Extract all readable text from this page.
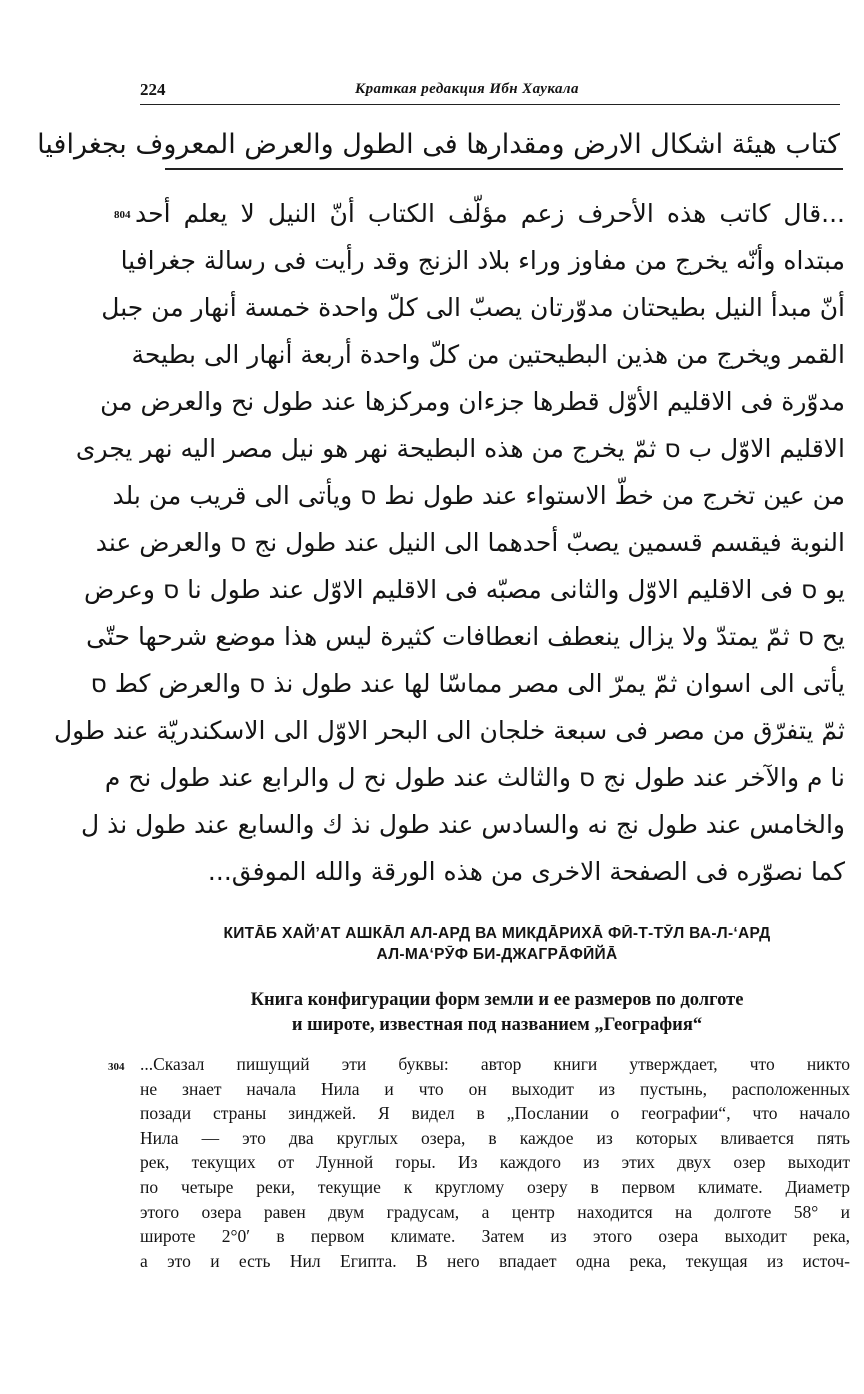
224	Краткая редакция Ибн Хаукала
كتاب هيئة اشكال الارض ومقدارها فى الطول والعرض المعروف بجغرافيا
804 ...قال كاتب هذه الأحرف زعم مؤلّف الكتاب أنّ النيل لا يعلم أحد
مبتداه وأنّه يخرج من مفاوز وراء بلاد الزنج وقد رأيت فى رسالة جغرافيا
أنّ مبدأ النيل بطيحتان مدوّرتان يصبّ الى كلّ واحدة خمسة أنهار من جبل
القمر ويخرج من هذين البطيحتين من كلّ واحدة أربعة أنهار الى بطيحة
مدوّرة فى الاقليم الأوّل قطرها جزءان ومركزها عند طول نح والعرض من
الاقليم الاوّل ب ס ثمّ يخرج من هذه البطيحة نهر هو نيل مصر اليه نهر يجرى
من عين تخرج من خطّ الاستواء عند طول نط ס ويأتى الى قريب من بلد
النوبة فيقسم قسمين يصبّ أحدهما الى النيل عند طول نج ס والعرض عند
يو ס فى الاقليم الاوّل والثانى مصبّه فى الاقليم الاوّل عند طول نا ס وعرض
يح ס ثمّ يمتدّ ولا يزال ينعطف انعطافات كثيرة ليس هذا موضع شرحها حتّى
يأتى الى اسوان ثمّ يمرّ الى مصر مماسّا لها عند طول نذ ס والعرض كط ס
ثمّ يتفرّق من مصر فى سبعة خلجان الى البحر الاوّل الى الاسكندريّة عند طول
نا م والآخر عند طول نج ס والثالث عند طول نح ل والرابع عند طول نح م
والخامس عند طول نج نه والسادس عند طول نذ ك والسابع عند طول نذ ل
كما نصوّره فى الصفحة الاخرى من هذه الورقة والله الموفق...
КИТĀБ ХАЙ’АТ АШКĀЛ АЛ-АРД ВА МИКДĀРИХĀ ФӢ-Т-ТӮЛ ВА-Л-‘АРД
АЛ-МА‘РӮФ БИ-ДЖАГРĀФӢЙĀ
Книга конфигурации форм земли и ее размеров по долготе
и широте, известная под названием „География“
304 ...Сказал пишущий эти буквы: автор книги утверждает, что никто
не знает начала Нила и что он выходит из пустынь, расположенных
позади страны зинджей. Я видел в „Послании о географии“, что начало
Нила — это два круглых озера, в каждое из которых вливается пять
рек, текущих от Лунной горы. Из каждого из этих двух озер выходит
по четыре реки, текущие к круглому озеру в первом климате. Диаметр
этого озера равен двум градусам, а центр находится на долготе 58° и
широте 2°0′ в первом климате. Затем из этого озера выходит река,
а это и есть Нил Египта. В него впадает одна река, текущая из источ-
